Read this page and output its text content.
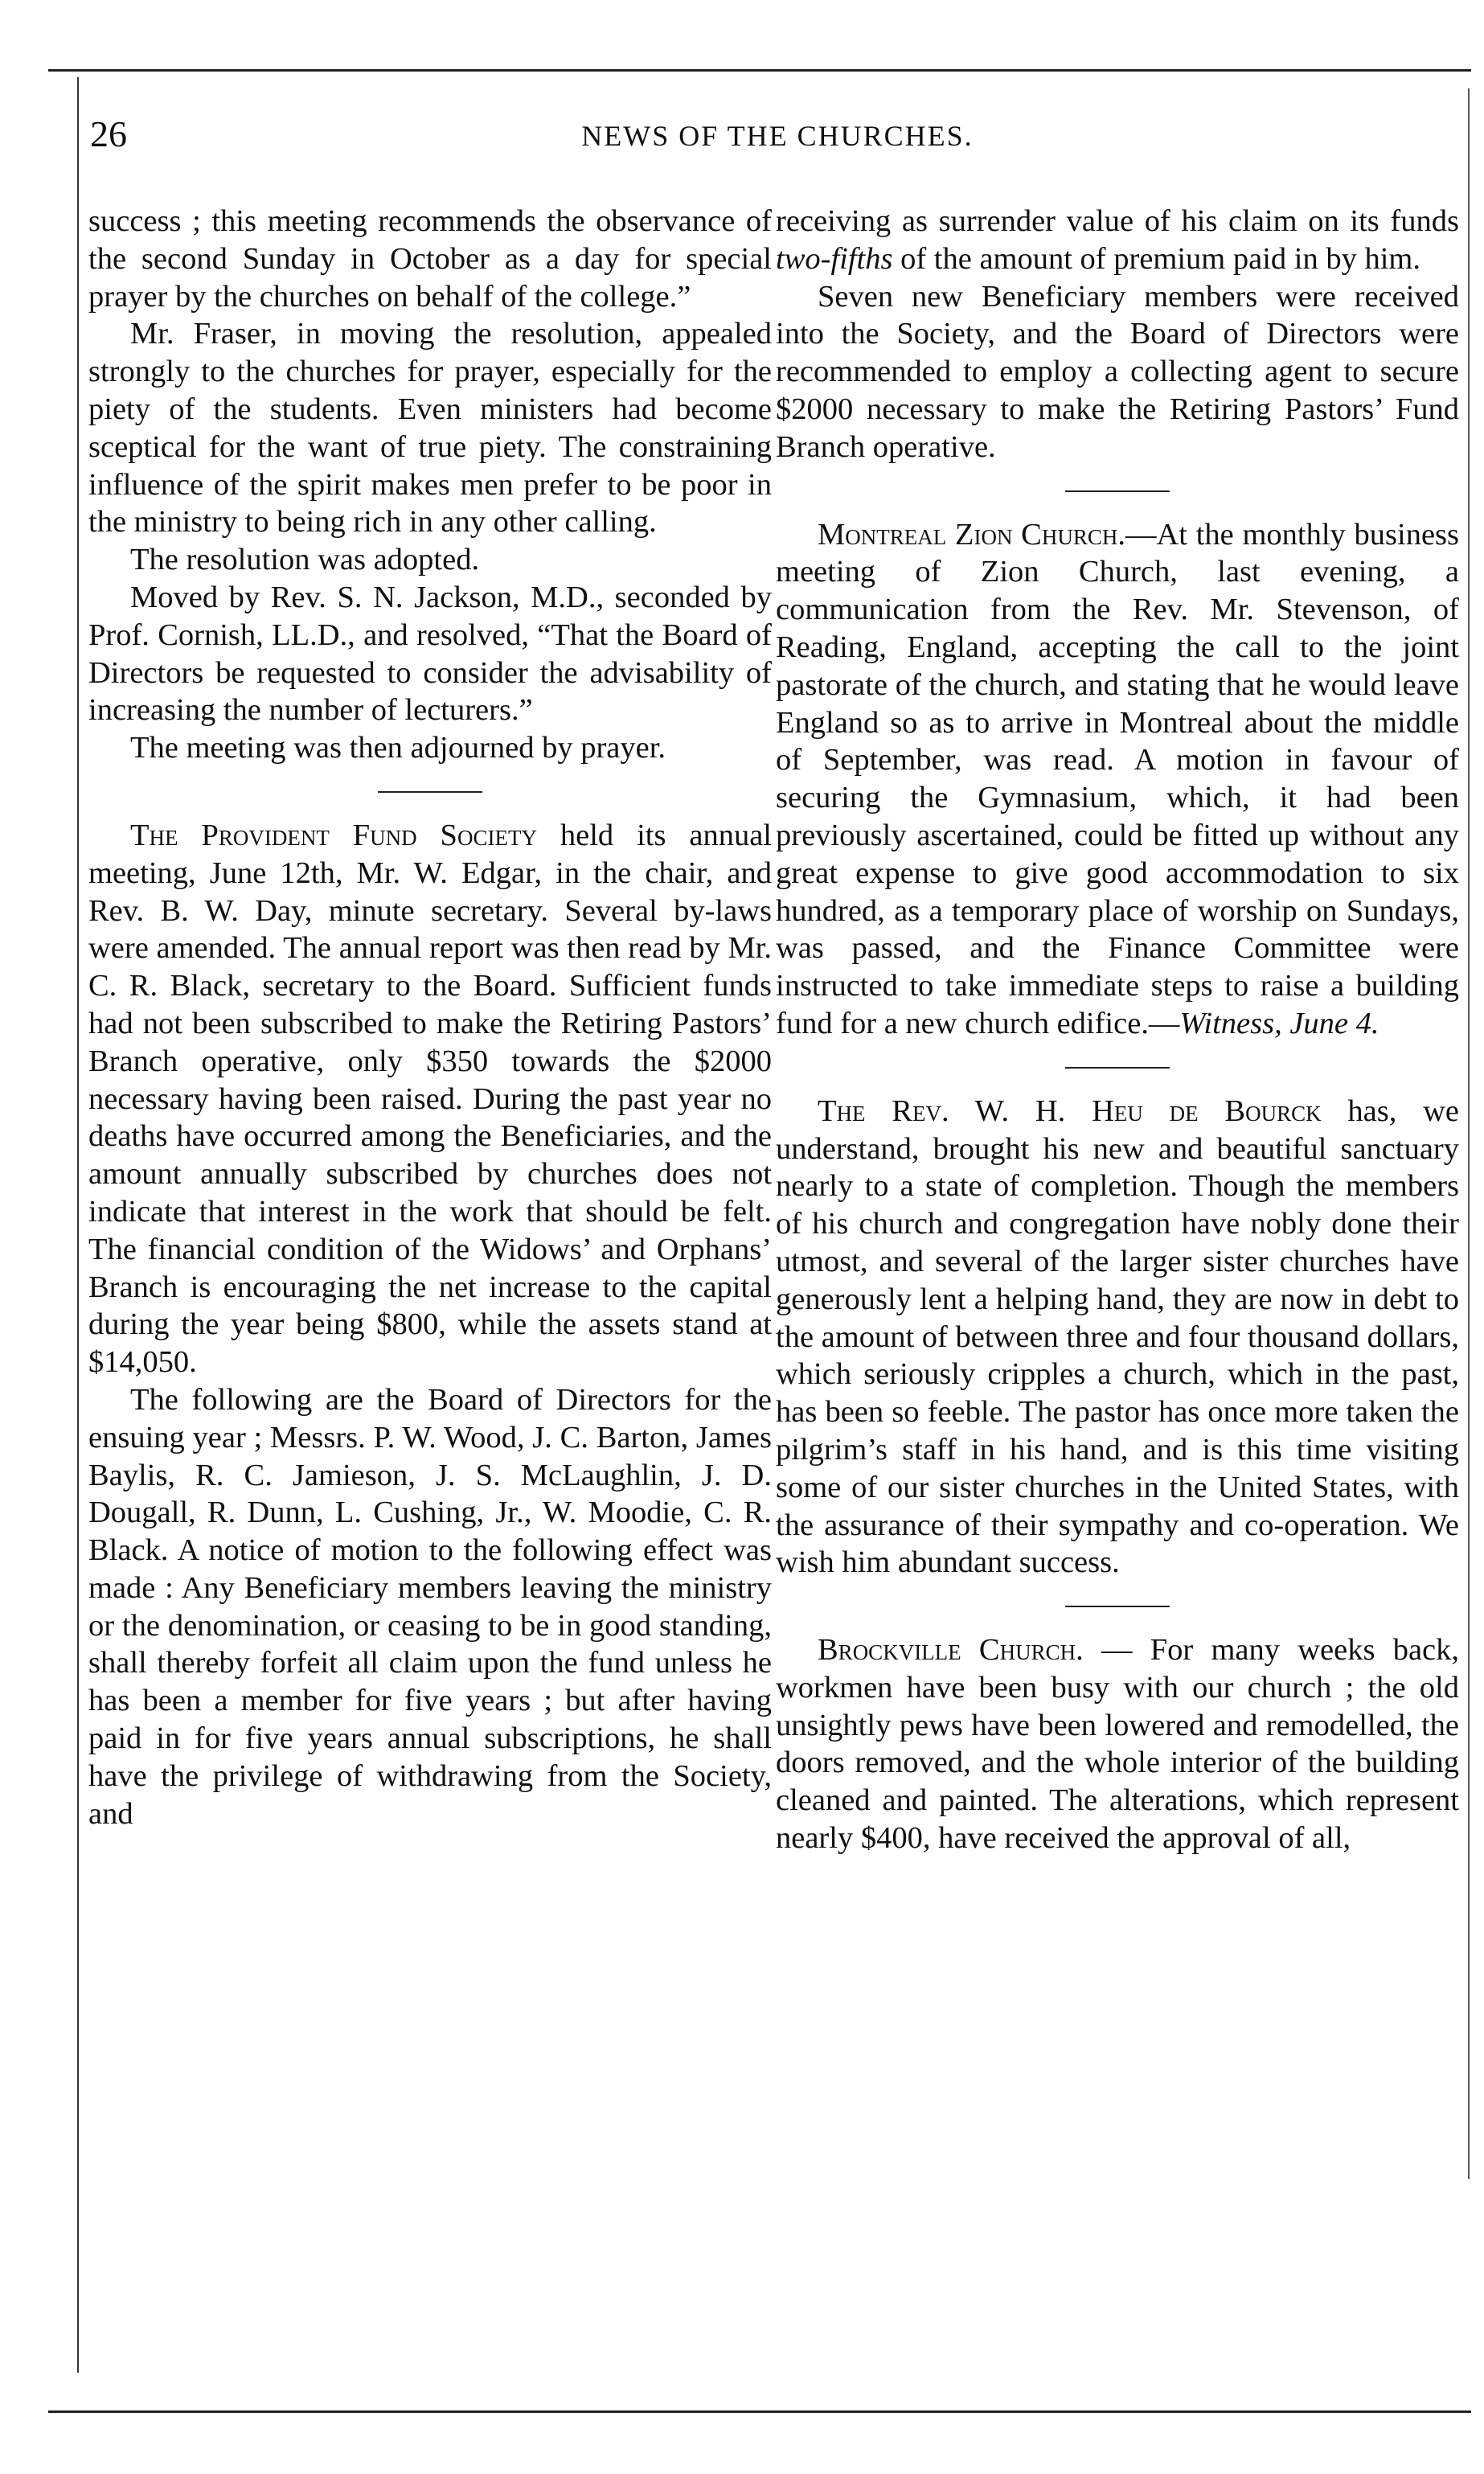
26	NEWS OF THE CHURCHES.

success ; this meeting recommends the observance of the second Sunday in October as a day for special prayer by the churches on behalf of the college.”

Mr. Fraser, in moving the resolution, appealed strongly to the churches for prayer, especially for the piety of the students. Even ministers had become sceptical for the want of true piety. The constraining influence of the spirit makes men prefer to be poor in the ministry to being rich in any other calling.

The resolution was adopted.

Moved by Rev. S. N. Jackson, M.D., seconded by Prof. Cornish, LL.D., and resolved, “That the Board of Directors be requested to consider the advisability of increasing the number of lecturers.”

The meeting was then adjourned by prayer.

The Provident Fund Society held its annual meeting, June 12th, Mr. W. Edgar, in the chair, and Rev. B. W. Day, minute secretary. Several by-laws were amended. The annual report was then read by Mr. C. R. Black, secretary to the Board. Sufficient funds had not been subscribed to make the Retiring Pastors’ Branch operative, only $350 towards the $2000 necessary having been raised. During the past year no deaths have occurred among the Beneficiaries, and the amount annually subscribed by churches does not indicate that interest in the work that should be felt. The financial condition of the Widows’ and Orphans’ Branch is encouraging the net increase to the capital during the year being $800, while the assets stand at $14,050.

The following are the Board of Directors for the ensuing year ; Messrs. P. W. Wood, J. C. Barton, James Baylis, R. C. Jamieson, J. S. McLaughlin, J. D. Dougall, R. Dunn, L. Cushing, Jr., W. Moodie, C. R. Black. A notice of motion to the following effect was made : Any Beneficiary members leaving the ministry or the denomination, or ceasing to be in good standing, shall thereby forfeit all claim upon the fund unless he has been a member for five years ; but after having paid in for five years annual subscriptions, he shall have the privilege of withdrawing from the Society, and

receiving as surrender value of his claim on its funds two-fifths of the amount of premium paid in by him.

Seven new Beneficiary members were received into the Society, and the Board of Directors were recommended to employ a collecting agent to secure $2000 necessary to make the Retiring Pastors’ Fund Branch operative.

Montreal Zion Church.—At the monthly business meeting of Zion Church, last evening, a communication from the Rev. Mr. Stevenson, of Reading, England, accepting the call to the joint pastorate of the church, and stating that he would leave England so as to arrive in Montreal about the middle of September, was read. A motion in favour of securing the Gymnasium, which, it had been previously ascertained, could be fitted up without any great expense to give good accommodation to six hundred, as a temporary place of worship on Sundays, was passed, and the Finance Committee were instructed to take immediate steps to raise a building fund for a new church edifice.—Witness, June 4.

The Rev. W. H. Heu de Bourck has, we understand, brought his new and beautiful sanctuary nearly to a state of completion. Though the members of his church and congregation have nobly done their utmost, and several of the larger sister churches have generously lent a helping hand, they are now in debt to the amount of between three and four thousand dollars, which seriously cripples a church, which in the past, has been so feeble. The pastor has once more taken the pilgrim’s staff in his hand, and is this time visiting some of our sister churches in the United States, with the assurance of their sympathy and co-operation. We wish him abundant success.

Brockville Church. — For many weeks back, workmen have been busy with our church ; the old unsightly pews have been lowered and remodelled, the doors removed, and the whole interior of the building cleaned and painted. The alterations, which represent nearly $400, have received the approval of all,
